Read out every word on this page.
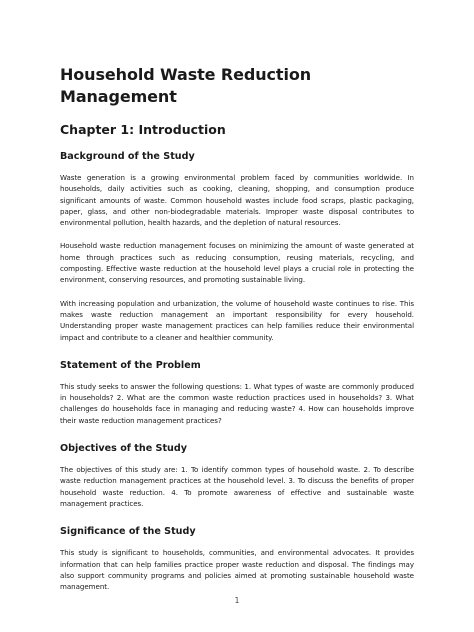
Household Waste Reduction Management
Chapter 1: Introduction
Background of the Study

Waste generation is a growing environmental problem faced by communities worldwide. In households, daily activities such as cooking, cleaning, shopping, and consumption produce significant amounts of waste. Common household wastes include food scraps, plastic packaging, paper, glass, and other non-biodegradable materials. Improper waste disposal contributes to environmental pollution, health hazards, and the depletion of natural resources.

Household waste reduction management focuses on minimizing the amount of waste generated at home through practices such as reducing consumption, reusing materials, recycling, and composting. Effective waste reduction at the household level plays a crucial role in protecting the environment, conserving resources, and promoting sustainable living.

With increasing population and urbanization, the volume of household waste continues to rise. This makes waste reduction management an important responsibility for every household. Understanding proper waste management practices can help families reduce their environmental impact and contribute to a cleaner and healthier community.

Statement of the Problem

This study seeks to answer the following questions: 1. What types of waste are commonly produced in households? 2. What are the common waste reduction practices used in households? 3. What challenges do households face in managing and reducing waste? 4. How can households improve their waste reduction management practices?

Objectives of the Study

The objectives of this study are: 1. To identify common types of household waste. 2. To describe waste reduction management practices at the household level. 3. To discuss the benefits of proper household waste reduction. 4. To promote awareness of effective and sustainable waste management practices.

Significance of the Study

This study is significant to households, communities, and environmental advocates. It provides information that can help families practice proper waste reduction and disposal. The findings may also support community programs and policies aimed at promoting sustainable household waste management.

1
